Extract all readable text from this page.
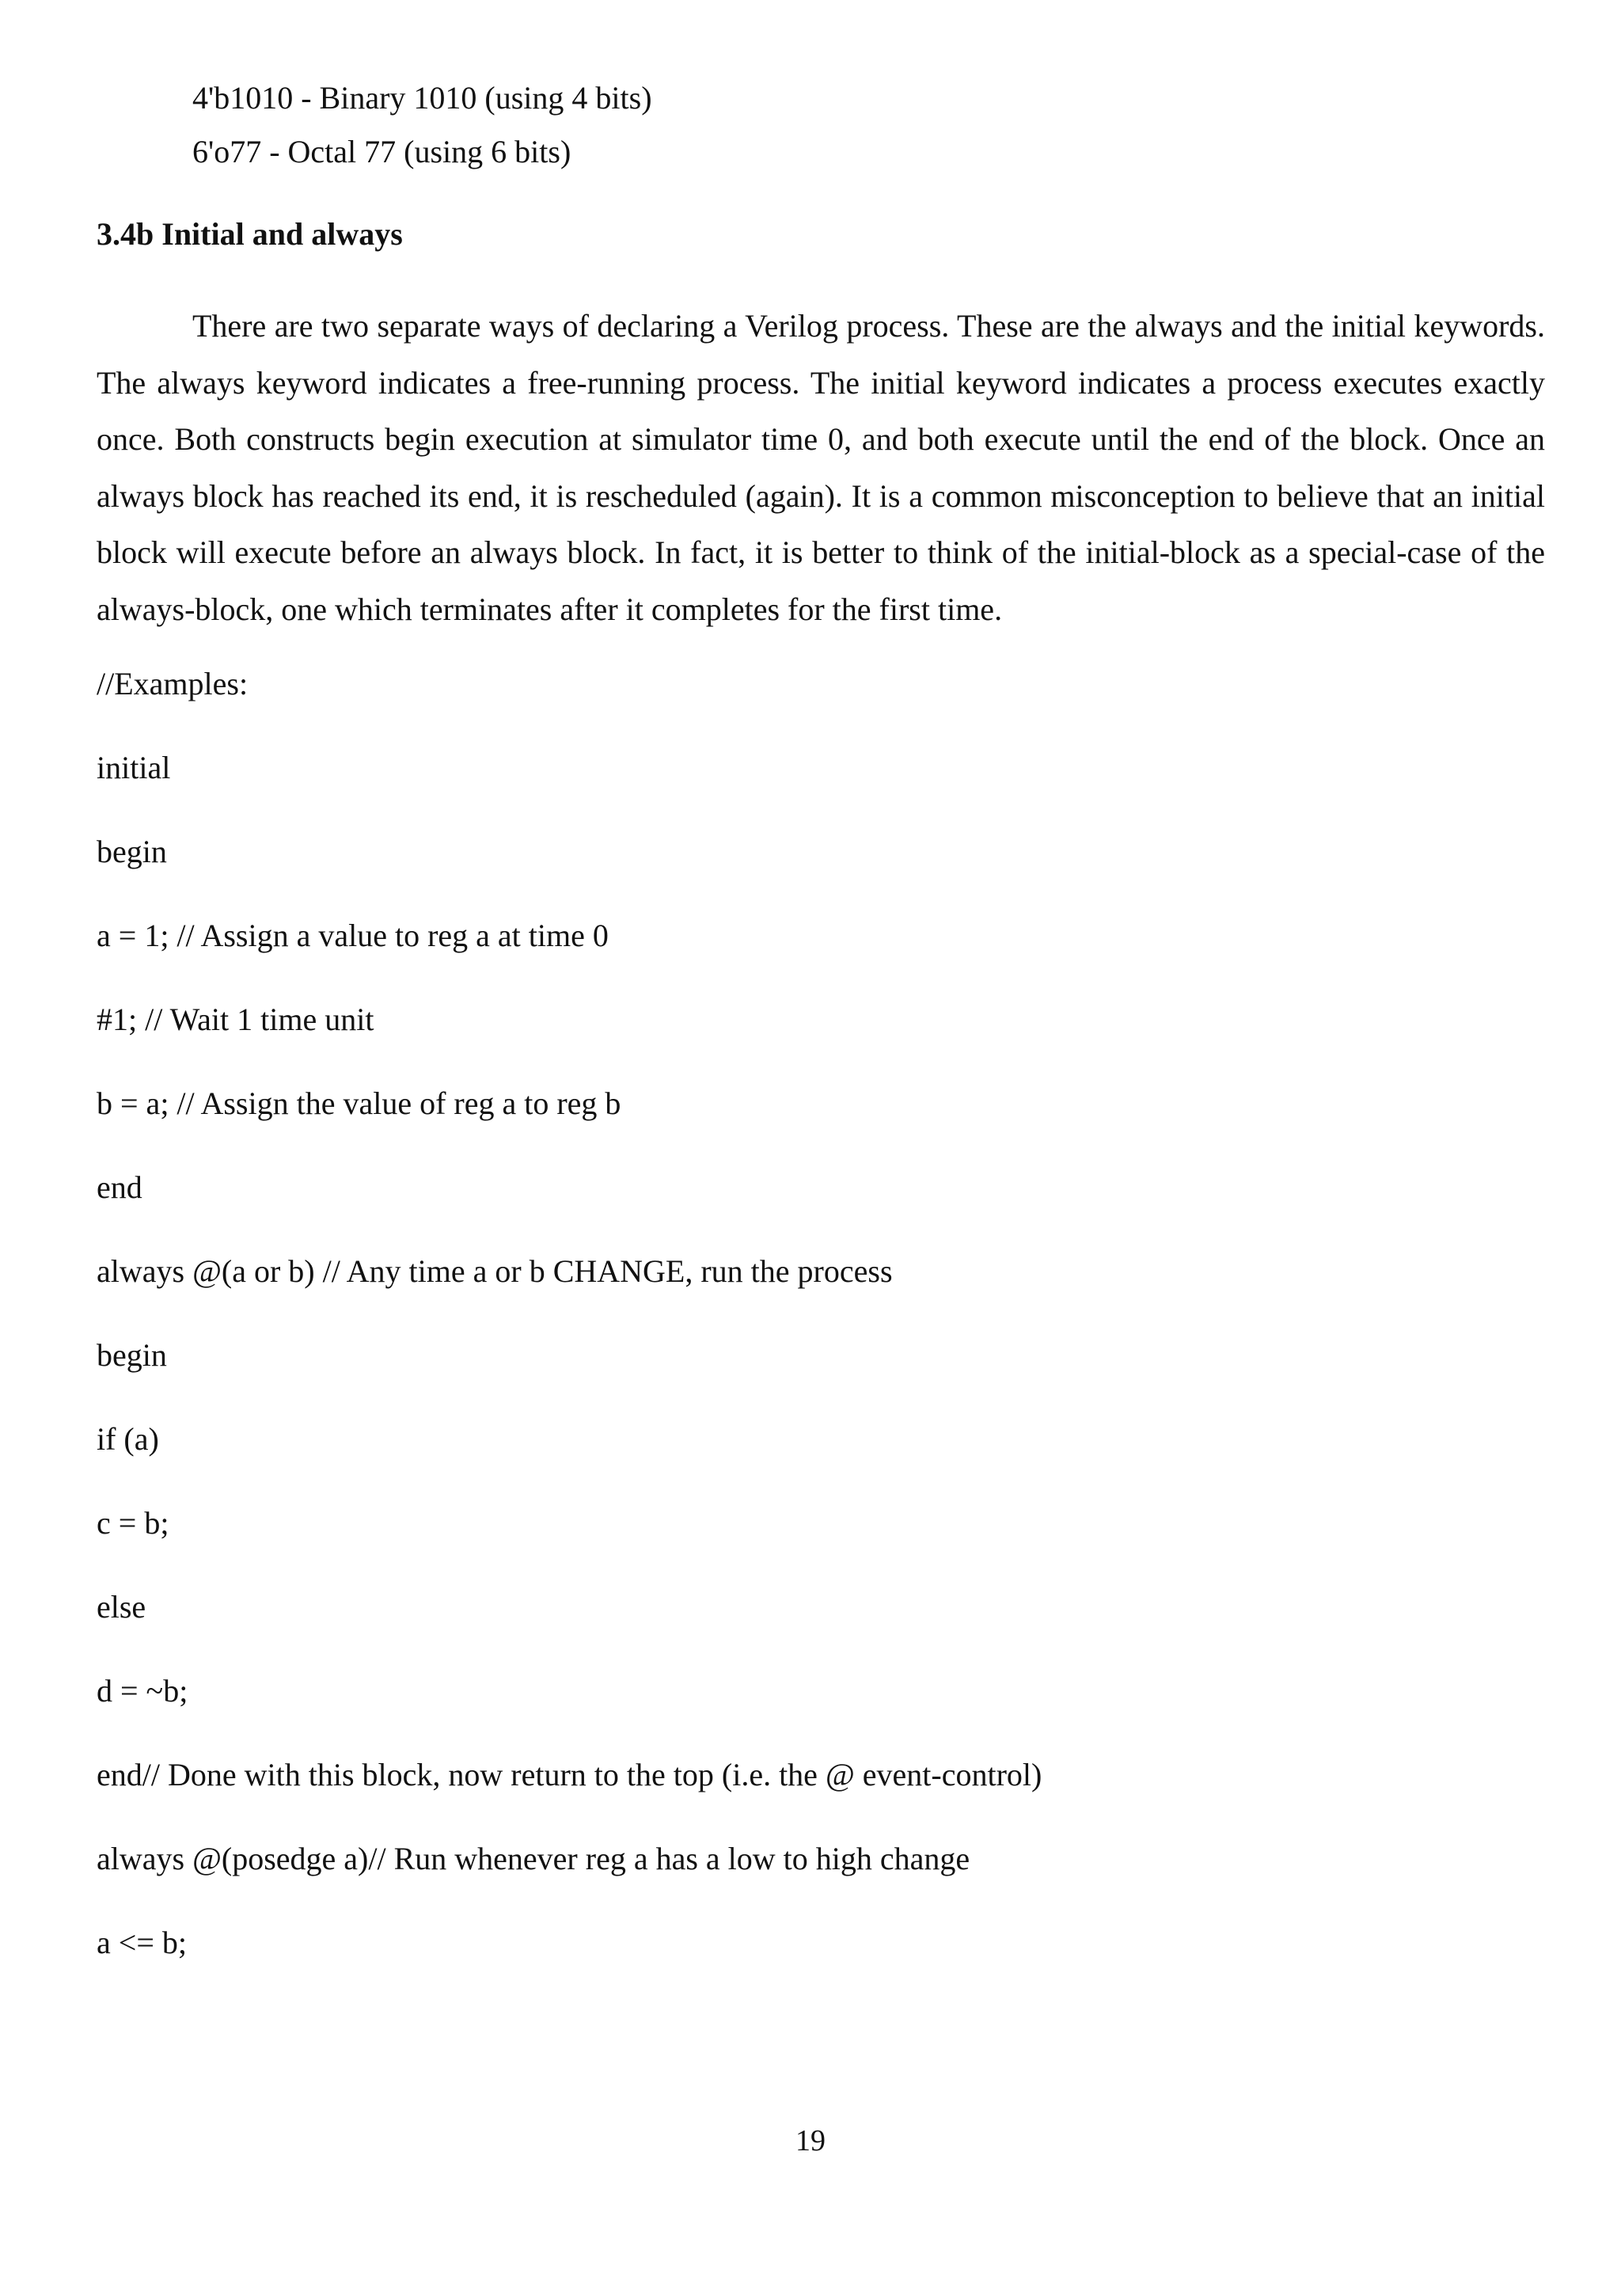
4'b1010 - Binary 1010 (using 4 bits)
6'o77 - Octal 77 (using 6 bits)
3.4b Initial and always

There are two separate ways of declaring a Verilog process. These are the always and the initial keywords. The always keyword indicates a free-running process. The initial keyword indicates a process executes exactly once. Both constructs begin execution at simulator time 0, and both execute until the end of the block. Once an always block has reached its end, it is rescheduled (again). It is a common misconception to believe that an initial block will execute before an always block. In fact, it is better to think of the initial-block as a special-case of the always-block, one which terminates after it completes for the first time.

//Examples:
initial
begin
a = 1; // Assign a value to reg a at time 0
#1; // Wait 1 time unit
b = a; // Assign the value of reg a to reg b
end
always @(a or b) // Any time a or b CHANGE, run the process
begin
if (a)
c = b;
else
d = ~b;
end// Done with this block, now return to the top (i.e. the @ event-control)
always @(posedge a)// Run whenever reg a has a low to high change
a <= b;
19
